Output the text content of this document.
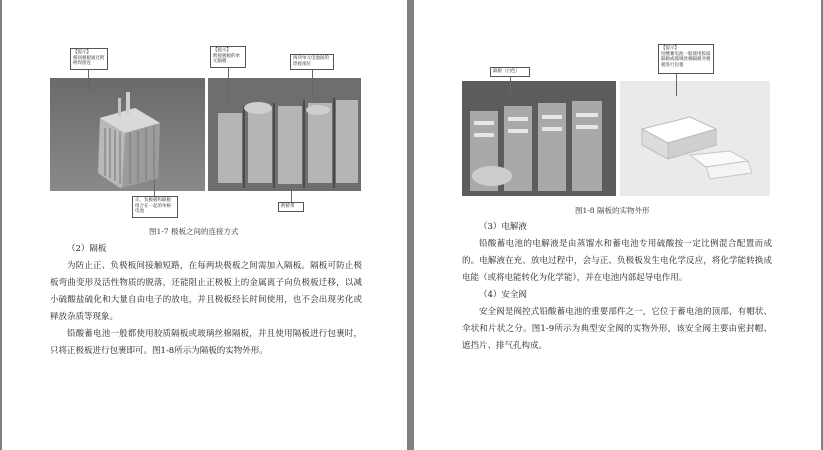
【提示】
相同极板通过跨桥焊接连
【提示】
跨接极板的单元隔板
两块单元电池间的焊接部位
正、负极板和隔板组合在一起的单格电池
跨桥带
图1-7 极板之间的连接方式

（2）隔板

为防止正、负极板间接触短路，在每两块极板之间需加入隔板。隔板可防止极板弯曲变形及活性物质的脱落，还能阻止正极板上的金属离子向负极板迁移，以减小硫酸盐硫化和大量自由电子的放电，并且极板经长时间使用，也不会出现劣化或释放杂质等现象。

铅酸蓄电池一般都使用胶质隔板或玻璃丝棉隔板，并且使用隔板进行包裹时，只将正极板进行包裹即可。图1-8所示为隔板的实物外形。

隔板（白色）
【提示】
铅酸蓄电池一般使用胶质隔板或玻璃丝棉隔板对极板进行包裹
图1-8 隔板的实物外形

（3）电解液

铅酸蓄电池的电解液是由蒸馏水和蓄电池专用硫酸按一定比例混合配置而成的。电解液在充、放电过程中，会与正、负极板发生电化学反应，将化学能转换成电能（或将电能转化为化学能），并在电池内部起导电作用。

（4）安全阀

安全阀是阀控式铅酸蓄电池的重要部件之一，它位于蓄电池的顶部，有帽状、伞状和片状之分。图1-9所示为典型安全阀的实物外形，该安全阀主要由密封帽、遮挡片、排气孔构成。
